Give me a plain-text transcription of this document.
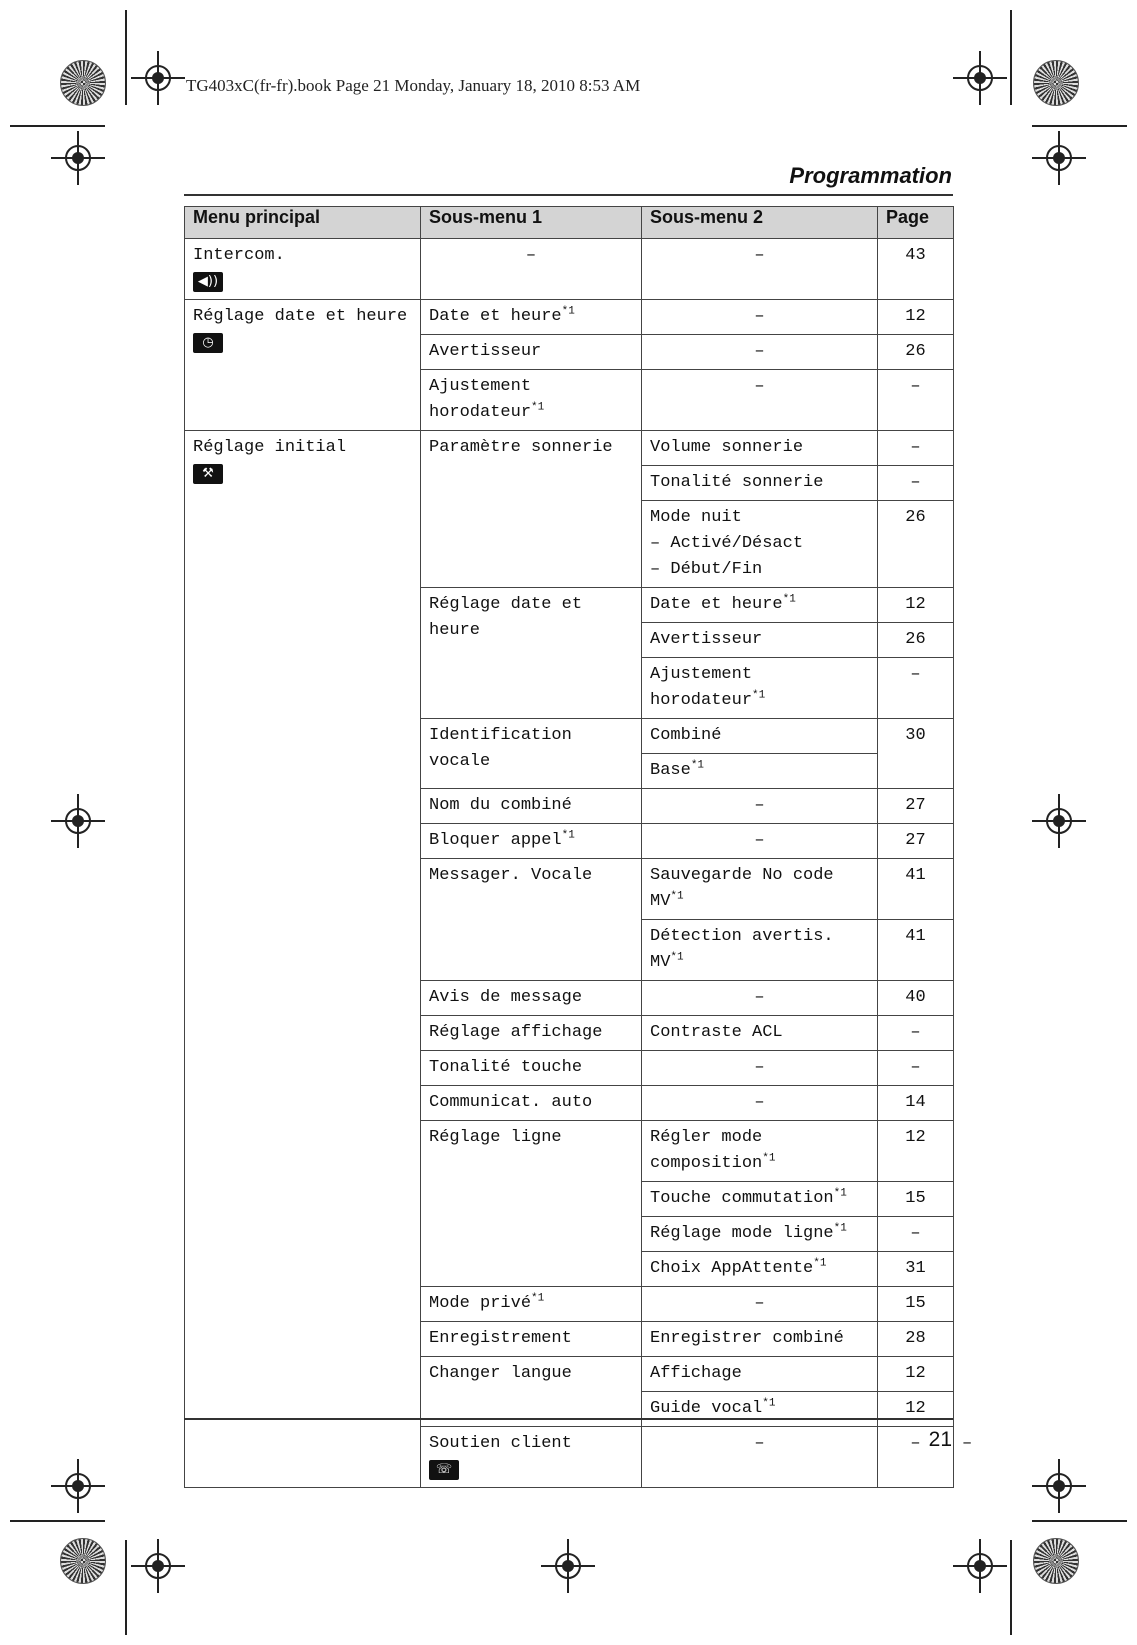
TG403xC(fr-fr).book Page 21 Monday, January 18, 2010 8:53 AM
Programmation
Menu principal	Sous-menu 1	Sous-menu 2	Page	

Intercom.
◀))	–	–	43	

Réglage date et heure
◷	Date et heure$^{*1}$	–	12	
	Avertisseur	–	26	
	Ajustement horodateur$^{*1}$	–	–	

Réglage initial
⚒	Paramètre sonnerie	Volume sonnerie	–	
		Tonalité sonnerie	–	

		Mode nuit
– Activé/Désact
– Début/Fin	26	
	Réglage date et heure	Date et heure$^{*1}$	12	
		Avertisseur	26	
		Ajustement horodateur$^{*1}$	–	
	Identification vocale	Combiné	30	
		Base$^{*1}$
	Nom du combiné	–	27	
	Bloquer appel$^{*1}$	–	27	
	Messager. Vocale	Sauvegarde No code MV$^{*1}$	41	
		Détection avertis. MV$^{*1}$	41	
	Avis de message	–	40	
	Réglage affichage	Contraste ACL	–	
	Tonalité touche	–	–	
	Communicat. auto	–	14	
	Réglage ligne	Régler mode composition$^{*1}$	12	
		Touche commutation$^{*1}$	15	
		Réglage mode ligne$^{*1}$	–	
		Choix AppAttente$^{*1}$	31	
	Mode privé$^{*1}$	–	15	
	Enregistrement	Enregistrer combiné	28	
	Changer langue	Affichage	12	
		Guide vocal$^{*1}$	12	

	Soutien client
☏	–	–	–
21
